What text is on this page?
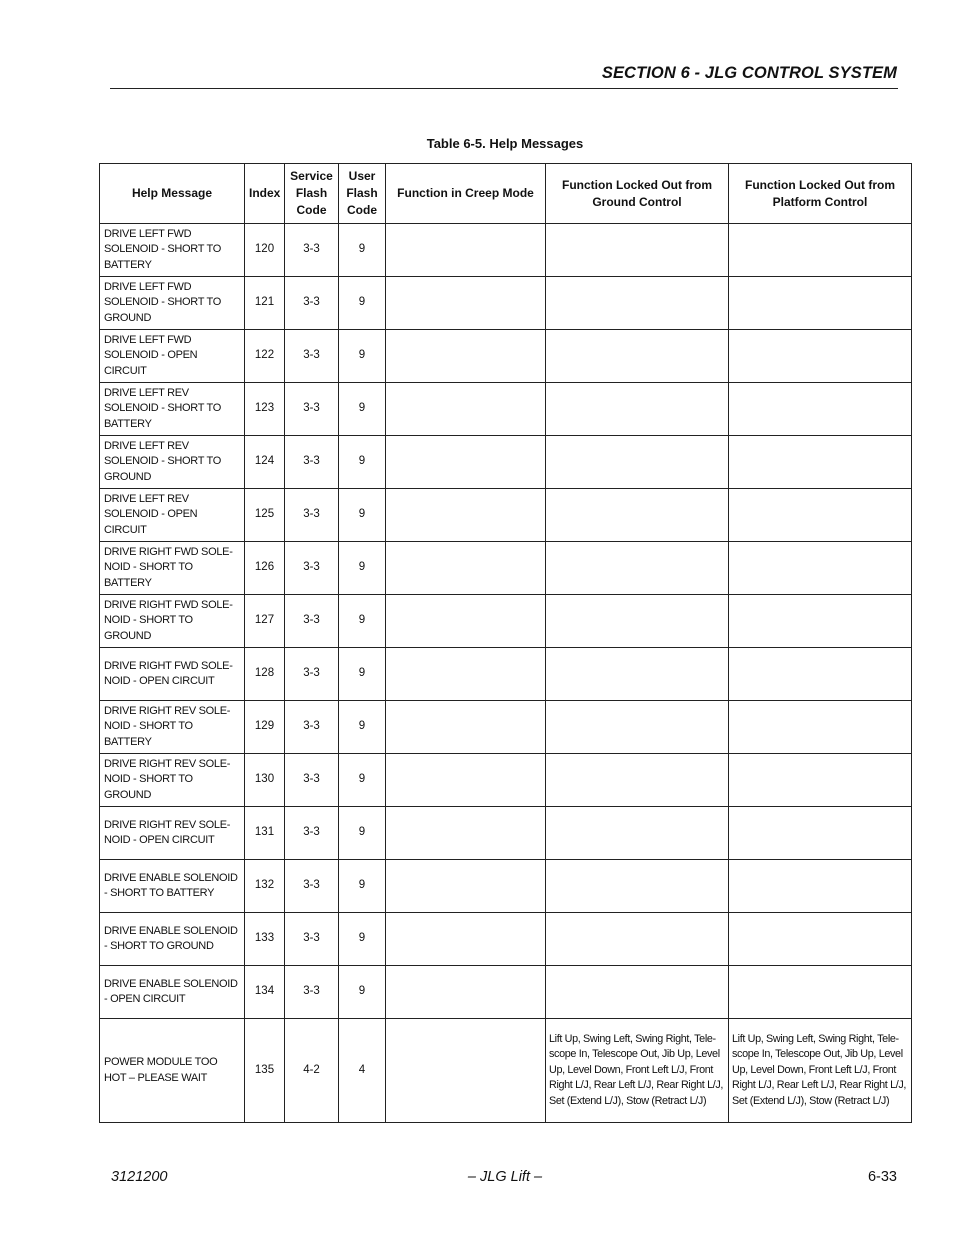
SECTION 6 - JLG CONTROL SYSTEM
Table 6-5. Help Messages
Help Message	Index	Service Flash Code	User Flash Code	Function in Creep Mode	Function Locked Out from Ground Control	Function Locked Out from Platform Control
DRIVE LEFT FWD SOLENOID - SHORT TO BATTERY	120	3-3	9			
DRIVE LEFT FWD SOLENOID - SHORT TO GROUND	121	3-3	9			
DRIVE LEFT FWD SOLENOID - OPEN CIRCUIT	122	3-3	9			
DRIVE LEFT REV SOLENOID - SHORT TO BATTERY	123	3-3	9			
DRIVE LEFT REV SOLENOID - SHORT TO GROUND	124	3-3	9			
DRIVE LEFT REV SOLENOID - OPEN CIRCUIT	125	3-3	9			
DRIVE RIGHT FWD SOLE-NOID - SHORT TO BATTERY	126	3-3	9			
DRIVE RIGHT FWD SOLE-NOID - SHORT TO GROUND	127	3-3	9			
DRIVE RIGHT FWD SOLE-NOID - OPEN CIRCUIT	128	3-3	9			
DRIVE RIGHT REV SOLE-NOID - SHORT TO BATTERY	129	3-3	9			
DRIVE RIGHT REV SOLE-NOID - SHORT TO GROUND	130	3-3	9			
DRIVE RIGHT REV SOLE-NOID - OPEN CIRCUIT	131	3-3	9			
DRIVE ENABLE SOLENOID - SHORT TO BATTERY	132	3-3	9			
DRIVE ENABLE SOLENOID - SHORT TO GROUND	133	3-3	9			
DRIVE ENABLE SOLENOID - OPEN CIRCUIT	134	3-3	9			
POWER MODULE TOO HOT – PLEASE WAIT	135	4-2	4		Lift Up, Swing Left, Swing Right, Tele-scope In, Telescope Out, Jib Up, Level Up, Level Down, Front Left L/J, Front Right L/J, Rear Left L/J, Rear Right L/J, Set (Extend L/J), Stow (Retract L/J)	Lift Up, Swing Left, Swing Right, Tele-scope In, Telescope Out, Jib Up, Level Up, Level Down, Front Left L/J, Front Right L/J, Rear Left L/J, Rear Right L/J, Set (Extend L/J), Stow (Retract L/J)
3121200	– JLG Lift –	6-33
